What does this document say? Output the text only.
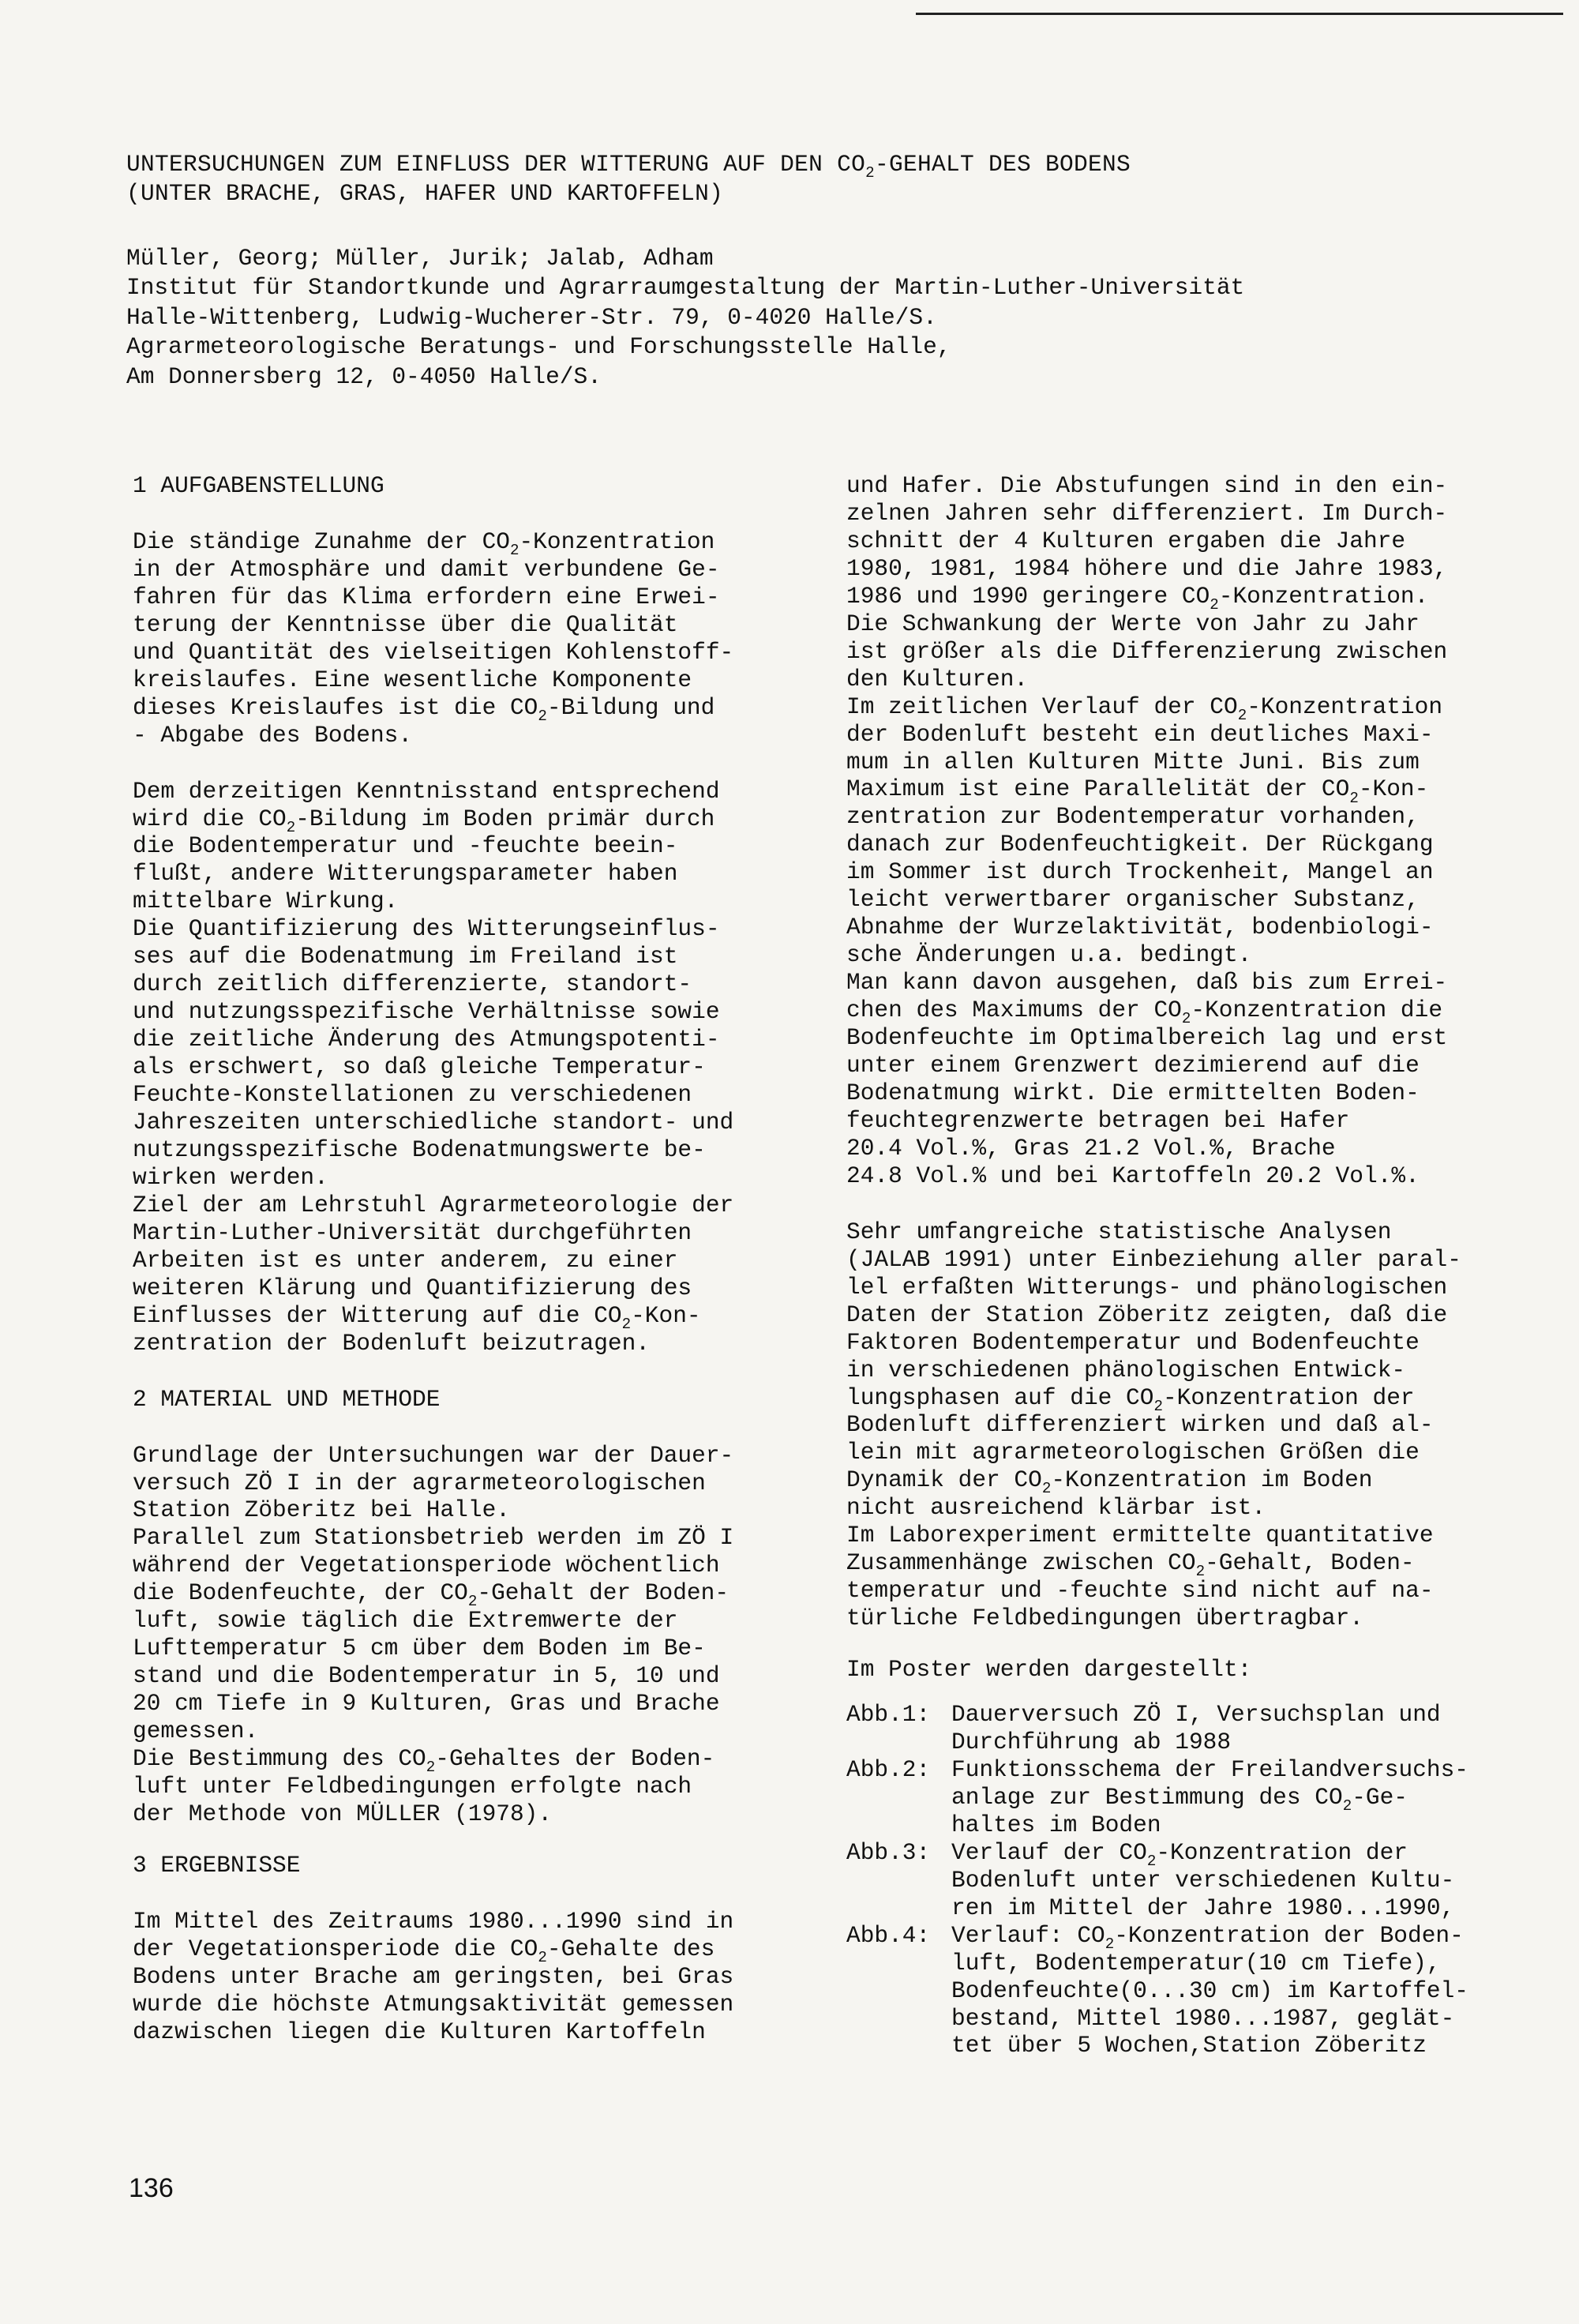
UNTERSUCHUNGEN ZUM EINFLUSS DER WITTERUNG AUF DEN $CO_2$-GEHALT DES BODENS
(UNTER BRACHE, GRAS, HAFER UND KARTOFFELN)
Müller, Georg; Müller, Jurik; Jalab, Adham
Institut für Standortkunde und Agrarraumgestaltung der Martin-Luther-Universität
Halle-Wittenberg, Ludwig-Wucherer-Str. 79, 0-4020 Halle/S.
Agrarmeteorologische Beratungs- und Forschungsstelle Halle,
Am Donnersberg 12, 0-4050 Halle/S.
1 AUFGABENSTELLUNG
Die ständige Zunahme der $CO_2$-Konzentration
in der Atmosphäre und damit verbundene Ge-
fahren für das Klima erfordern eine Erwei-
terung der Kenntnisse über die Qualität
und Quantität des vielseitigen Kohlenstoff-
kreislaufes. Eine wesentliche Komponente
dieses Kreislaufes ist die $CO_2$-Bildung und
- Abgabe des Bodens.
Dem derzeitigen Kenntnisstand entsprechend
wird die $CO_2$-Bildung im Boden primär durch
die Bodentemperatur und -feuchte beein-
flußt, andere Witterungsparameter haben
mittelbare Wirkung.
Die Quantifizierung des Witterungseinflus-
ses auf die Bodenatmung im Freiland ist
durch zeitlich differenzierte, standort-
und nutzungsspezifische Verhältnisse sowie
die zeitliche Änderung des Atmungspotenti-
als erschwert, so daß gleiche Temperatur-
Feuchte-Konstellationen zu verschiedenen
Jahreszeiten unterschiedliche standort- und
nutzungsspezifische Bodenatmungswerte be-
wirken werden.
Ziel der am Lehrstuhl Agrarmeteorologie der
Martin-Luther-Universität durchgeführten
Arbeiten ist es unter anderem, zu einer
weiteren Klärung und Quantifizierung des
Einflusses der Witterung auf die $CO_2-Kon-$
zentration der Bodenluft beizutragen.
2 MATERIAL UND METHODE
Grundlage der Untersuchungen war der Dauer-
versuch ZÖ I in der agrarmeteorologischen
Station Zöberitz bei Halle.
Parallel zum Stationsbetrieb werden im ZÖ I
während der Vegetationsperiode wöchentlich
die Bodenfeuchte, der $CO_2$-Gehalt der Boden-
luft, sowie täglich die Extremwerte der
Lufttemperatur 5 cm über dem Boden im Be-
stand und die Bodentemperatur in 5, 10 und
20 cm Tiefe in 9 Kulturen, Gras und Brache
gemessen.
Die Bestimmung des $CO_2$-Gehaltes der Boden-
luft unter Feldbedingungen erfolgte nach
der Methode von MÜLLER (1978).
3 ERGEBNISSE
Im Mittel des Zeitraums 1980...1990 sind in
der Vegetationsperiode die $CO_2$-Gehalte des
Bodens unter Brache am geringsten, bei Gras
wurde die höchste Atmungsaktivität gemessen
dazwischen liegen die Kulturen Kartoffeln
und Hafer. Die Abstufungen sind in den ein-
zelnen Jahren sehr differenziert. Im Durch-
schnitt der 4 Kulturen ergaben die Jahre
1980, 1981, 1984 höhere und die Jahre 1983,
1986 und 1990 geringere $CO_2$-Konzentration.
Die Schwankung der Werte von Jahr zu Jahr
ist größer als die Differenzierung zwischen
den Kulturen.
Im zeitlichen Verlauf der $CO_2$-Konzentration
der Bodenluft besteht ein deutliches Maxi-
mum in allen Kulturen Mitte Juni. Bis zum
Maximum ist eine Parallelität der $CO_2-Kon-$
zentration zur Bodentemperatur vorhanden,
danach zur Bodenfeuchtigkeit. Der Rückgang
im Sommer ist durch Trockenheit, Mangel an
leicht verwertbarer organischer Substanz,
Abnahme der Wurzelaktivität, bodenbiologi-
sche Änderungen u.a. bedingt.
Man kann davon ausgehen, daß bis zum Errei-
chen des Maximums der $CO_2$-Konzentration die
Bodenfeuchte im Optimalbereich lag und erst
unter einem Grenzwert dezimierend auf die
Bodenatmung wirkt. Die ermittelten Boden-
feuchtegrenzwerte betragen bei Hafer
20.4 Vol.%, Gras 21.2 Vol.%, Brache
24.8 Vol.% und bei Kartoffeln 20.2 Vol.%.
Sehr umfangreiche statistische Analysen
(JALAB 1991) unter Einbeziehung aller paral-
lel erfaßten Witterungs- und phänologischen
Daten der Station Zöberitz zeigten, daß die
Faktoren Bodentemperatur und Bodenfeuchte
in verschiedenen phänologischen Entwick-
lungsphasen auf die $CO_2$-Konzentration der
Bodenluft differenziert wirken und daß al-
lein mit agrarmeteorologischen Größen die
Dynamik der $CO_2$-Konzentration im Boden
nicht ausreichend klärbar ist.
Im Laborexperiment ermittelte quantitative
Zusammenhänge zwischen $CO_2$-Gehalt, Boden-
temperatur und -feuchte sind nicht auf na-
türliche Feldbedingungen übertragbar.
Im Poster werden dargestellt:
Abb.1: Dauerversuch ZÖ I, Versuchsplan und
Durchführung ab 1988
Abb.2: Funktionsschema der Freilandversuchs-
anlage zur Bestimmung des $CO_2-Ge-$
haltes im Boden
Abb.3: Verlauf der $CO_2$-Konzentration der
Bodenluft unter verschiedenen Kultu-
ren im Mittel der Jahre 1980...1990,
Abb.4: Verlauf: $CO_2$-Konzentration der Boden-
luft, Bodentemperatur(10 cm Tiefe),
Bodenfeuchte(0...30 cm) im Kartoffel-
bestand, Mittel 1980...1987, geglät-
tet über 5 Wochen,Station Zöberitz
136
